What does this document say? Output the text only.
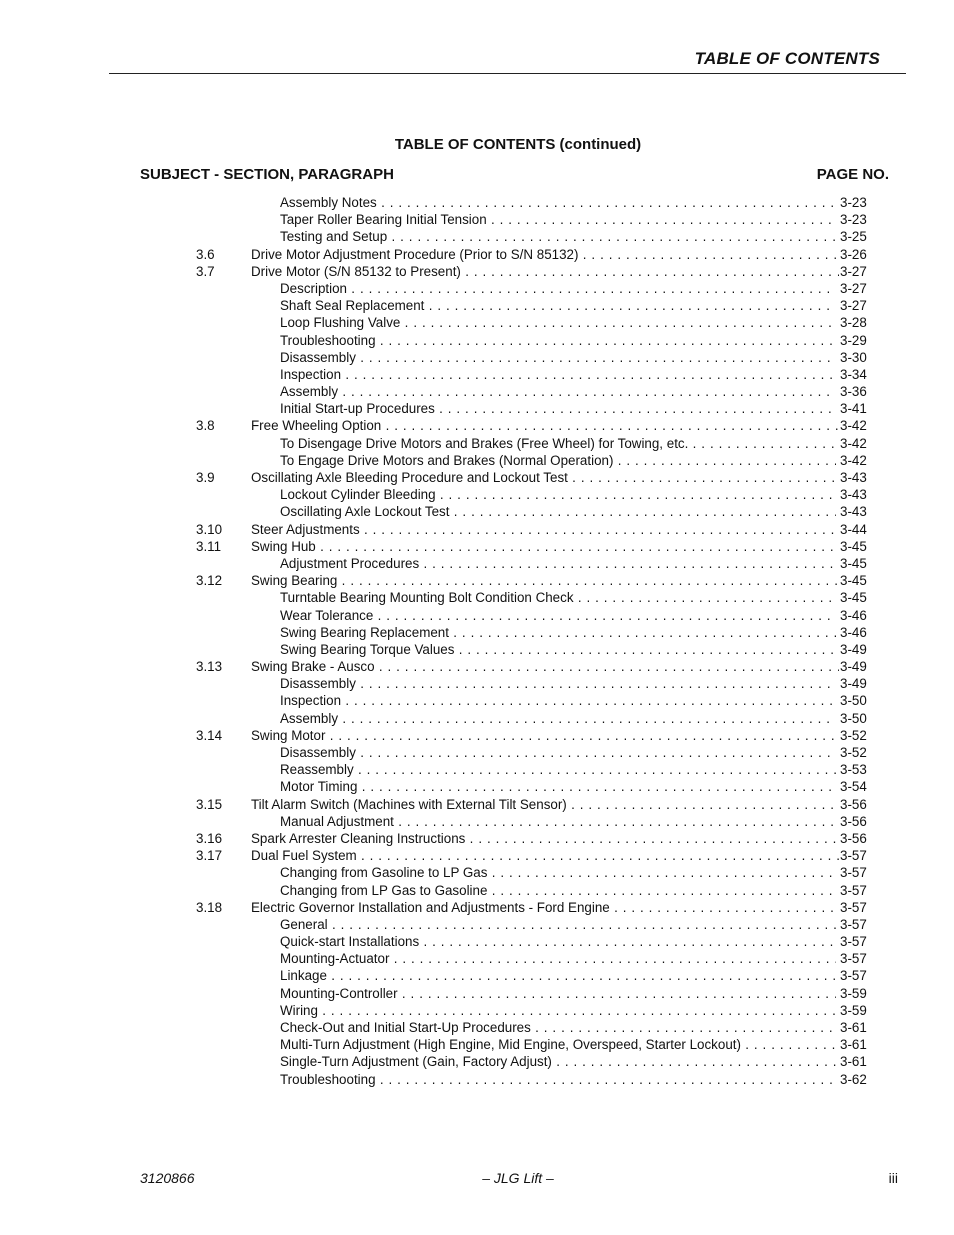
TABLE OF CONTENTS
TABLE OF CONTENTS (continued)
SUBJECT - SECTION, PARAGRAPH	PAGE NO.
Assembly Notes . . .	3-23
Taper Roller Bearing Initial Tension . . .	3-23
Testing and Setup . . .	3-25
3.6	Drive Motor Adjustment Procedure (Prior to S/N 85132) . . .	3-26
3.7	Drive Motor (S/N 85132 to Present) . . .	3-27
Description . . .	3-27
Shaft Seal Replacement . . .	3-27
Loop Flushing Valve . . .	3-28
Troubleshooting . . .	3-29
Disassembly . . .	3-30
Inspection . . .	3-34
Assembly . . .	3-36
Initial Start-up Procedures . . .	3-41
3.8	Free Wheeling Option . . .	3-42
To Disengage Drive Motors and Brakes (Free Wheel) for Towing, etc. . . .	3-42
To Engage Drive Motors and Brakes (Normal Operation) . . .	3-42
3.9	Oscillating Axle Bleeding Procedure and Lockout Test . . .	3-43
Lockout Cylinder Bleeding . . .	3-43
Oscillating Axle Lockout Test . . .	3-43
3.10 Steer Adjustments . . .	3-44
3.11 Swing Hub . . .	3-45
Adjustment Procedures . . .	3-45
3.12 Swing Bearing . . .	3-45
Turntable Bearing Mounting Bolt Condition Check . . .	3-45
Wear Tolerance . . .	3-46
Swing Bearing Replacement . . .	3-46
Swing Bearing Torque Values . . .	3-49
3.13 Swing Brake - Ausco . . .	3-49
Disassembly . . .	3-49
Inspection . . .	3-50
Assembly . . .	3-50
3.14 Swing Motor . . .	3-52
Disassembly . . .	3-52
Reassembly . . .	3-53
Motor Timing . . .	3-54
3.15 Tilt Alarm Switch (Machines with External Tilt Sensor) . . .	3-56
Manual Adjustment . . .	3-56
3.16 Spark Arrester Cleaning Instructions . . .	3-56
3.17 Dual Fuel System . . .	3-57
Changing from Gasoline to LP Gas . . .	3-57
Changing from LP Gas to Gasoline . . .	3-57
3.18 Electric Governor Installation and Adjustments - Ford Engine . . .	3-57
General . . .	3-57
Quick-start Installations . . .	3-57
Mounting-Actuator . . .	3-57
Linkage . . .	3-57
Mounting-Controller . . .	3-59
Wiring . . .	3-59
Check-Out and Initial Start-Up Procedures . . .	3-61
Multi-Turn Adjustment (High Engine, Mid Engine, Overspeed, Starter Lockout) . . .	3-61
Single-Turn Adjustment (Gain, Factory Adjust) . . .	3-61
Troubleshooting . . .	3-62
3120866	– JLG Lift –	iii
